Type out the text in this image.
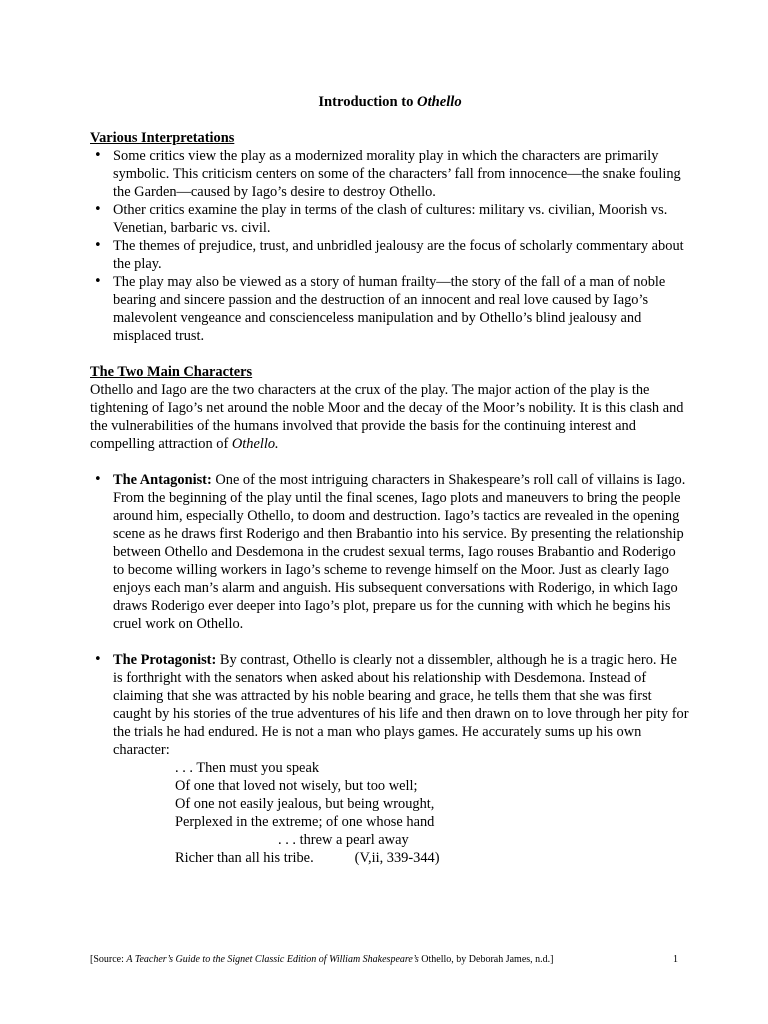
Introduction to Othello
Various Interpretations
• Some critics view the play as a modernized morality play in which the characters are primarily symbolic. This criticism centers on some of the characters’ fall from innocence—the snake fouling the Garden—caused by Iago’s desire to destroy Othello.
• Other critics examine the play in terms of the clash of cultures: military vs. civilian, Moorish vs. Venetian, barbaric vs. civil.
• The themes of prejudice, trust, and unbridled jealousy are the focus of scholarly commentary about the play.
• The play may also be viewed as a story of human frailty—the story of the fall of a man of noble bearing and sincere passion and the destruction of an innocent and real love caused by Iago’s malevolent vengeance and conscienceless manipulation and by Othello’s blind jealousy and misplaced trust.
The Two Main Characters

Othello and Iago are the two characters at the crux of the play. The major action of the play is the tightening of Iago’s net around the noble Moor and the decay of the Moor’s nobility. It is this clash and the vulnerabilities of the humans involved that provide the basis for the continuing interest and compelling attraction of Othello.

• The Antagonist: One of the most intriguing characters in Shakespeare’s roll call of villains is Iago. From the beginning of the play until the final scenes, Iago plots and maneuvers to bring the people around him, especially Othello, to doom and destruction. Iago’s tactics are revealed in the opening scene as he draws first Roderigo and then Brabantio into his service. By presenting the relationship between Othello and Desdemona in the crudest sexual terms, Iago rouses Brabantio and Roderigo to become willing workers in Iago’s scheme to revenge himself on the Moor. Just as clearly Iago enjoys each man’s alarm and anguish. His subsequent conversations with Roderigo, in which Iago draws Roderigo ever deeper into Iago’s plot, prepare us for the cunning with which he begins his cruel work on Othello.
• The Protagonist: By contrast, Othello is clearly not a dissembler, although he is a tragic hero. He is forthright with the senators when asked about his relationship with Desdemona. Instead of claiming that she was attracted by his noble bearing and grace, he tells them that she was first caught by his stories of the true adventures of his life and then drawn on to love through her pity for the trials he had endured. He is not a man who plays games. He accurately sums up his own character:
. . . Then must you speak
Of one that loved not wisely, but too well;
Of one not easily jealous, but being wrought,
Perplexed in the extreme; of one whose hand
. . . threw a pearl away
Richer than all his tribe.	(V,ii, 339-344)
[Source: A Teacher’s Guide to the Signet Classic Edition of William Shakespeare’s Othello, by Deborah James, n.d.]	1
